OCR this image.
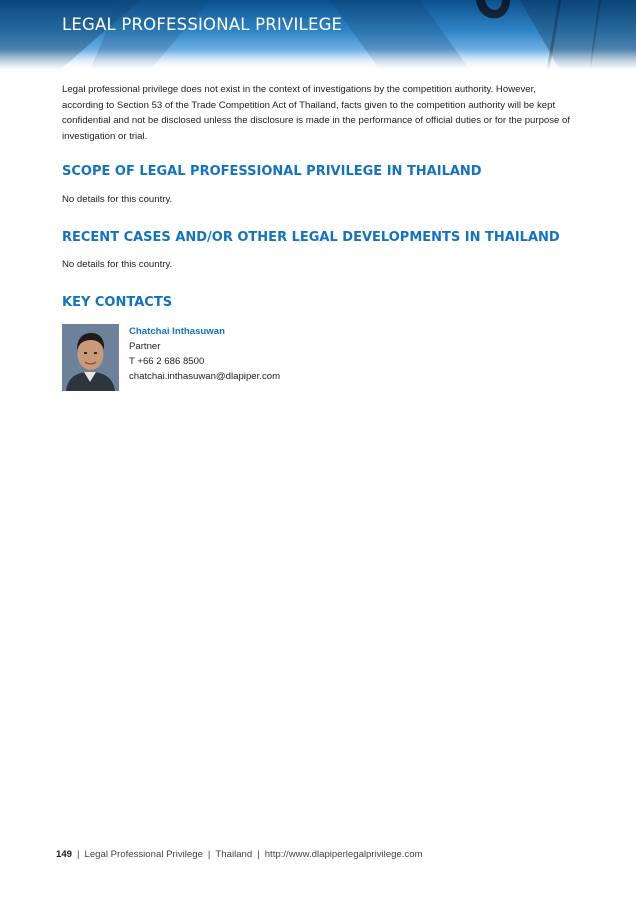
LEGAL PROFESSIONAL PRIVILEGE

Legal professional privilege does not exist in the context of investigations by the competition authority. However, according to Section 53 of the Trade Competition Act of Thailand, facts given to the competition authority will be kept confidential and not be disclosed unless the disclosure is made in the performance of official duties or for the purpose of investigation or trial.

SCOPE OF LEGAL PROFESSIONAL PRIVILEGE IN THAILAND

No details for this country.

RECENT CASES AND/OR OTHER LEGAL DEVELOPMENTS IN THAILAND

No details for this country.

KEY CONTACTS
Chatchai Inthasuwan
Partner
T +66 2 686 8500
chatchai.inthasuwan@dlapiper.com
149 | Legal Professional Privilege | Thailand | http://www.dlapiperlegalprivilege.com
